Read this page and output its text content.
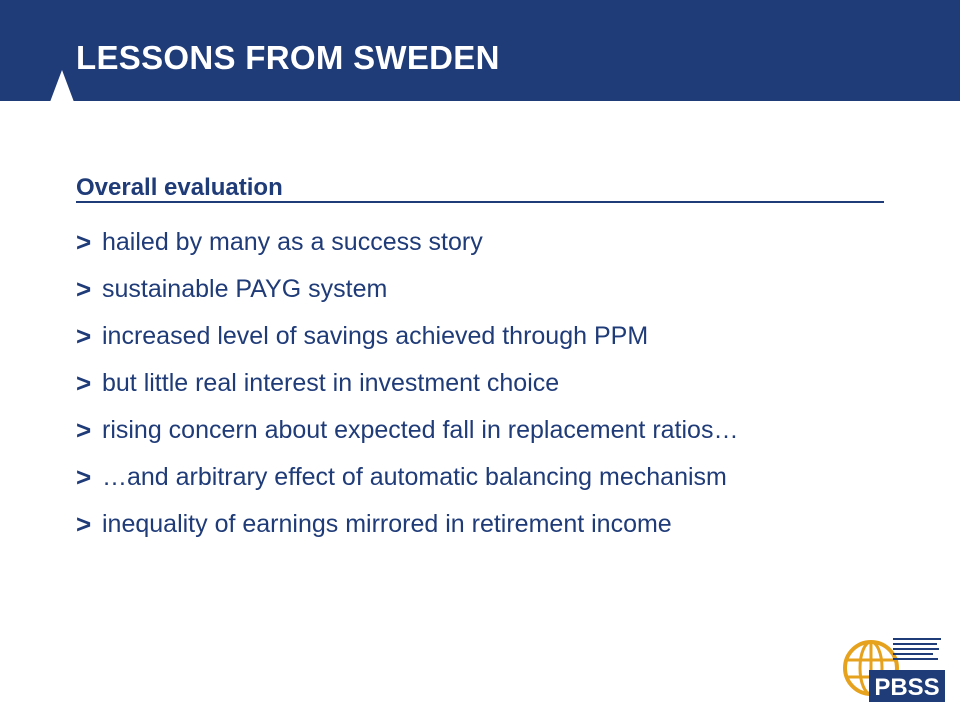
LESSONS FROM SWEDEN
Overall evaluation
> hailed by many as a success story
> sustainable PAYG system
> increased level of savings achieved through PPM
> but little real interest in investment choice
> rising concern about expected fall in replacement ratios…
> …and arbitrary effect of automatic balancing mechanism
> inequality of earnings mirrored in retirement income
PBSS
